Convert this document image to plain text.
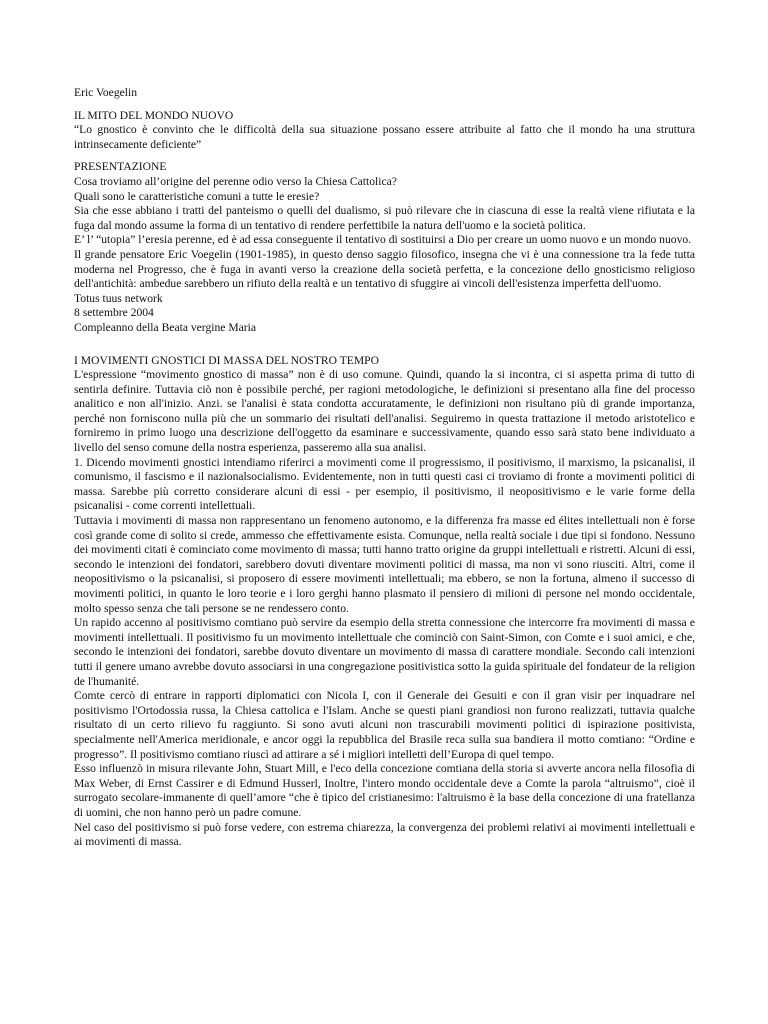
Eric Voegelin

IL MITO DEL MONDO NUOVO

“Lo gnostico è convinto che le difficoltà della sua situazione possano essere attribuite al fatto che il mondo ha una struttura intrinsecamente deficiente”

PRESENTAZIONE

Cosa troviamo all’origine del perenne odio verso la Chiesa Cattolica?

Quali sono le caratteristiche comuni a tutte le eresie?

Sia che esse abbiano i tratti del panteismo o quelli del dualismo, si può rilevare che in ciascuna di esse la realtà viene rifiutata e la fuga dal mondo assume la forma di un tentativo di rendere perfettibile la natura dell'uomo e la società politica.

E’ l’ “utopia” l’eresia perenne, ed è ad essa conseguente il tentativo di sostituirsi a Dio per creare un uomo nuovo e un mondo nuovo.

Il grande pensatore Eric Voegelin (1901-1985), in questo denso saggio filosofico, insegna che vi è una connessione tra la fede tutta moderna nel Progresso, che è fuga in avanti verso la creazione della società perfetta, e la concezione dello gnosticismo religioso dell'antichità: ambedue sarebbero un rifiuto della realtà e un tentativo di sfuggire ai vincoli dell'esistenza imperfetta dell'uomo.

Totus tuus network

8 settembre 2004

Compleanno della Beata vergine Maria

I MOVIMENTI GNOSTICI DI MASSA DEL NOSTRO TEMPO

L'espressione “movimento gnostico di massa” non è di uso comune. Quindi, quando la si incontra, ci si aspetta prima di tutto di sentirla definire. Tuttavia ciò non è possibile perché, per ragioni metodologiche, le definizioni si presentano alla fine del processo analitico e non all'inizio. Anzi. se l'analisi è stata condotta accuratamente, le definizioni non risultano più di grande importanza, perché non forniscono nulla più che un sommario dei risultati dell'analisi. Seguiremo in questa trattazione il metodo aristotelico e forniremo in primo luogo una descrizione dell'oggetto da esaminare e successivamente, quando esso sarà stato bene individuato a livello del senso comune della nostra esperienza, passeremo alla sua analisi.

1. Dicendo movimenti gnostici intendiamo riferirci a movimenti come il progressismo, il positivismo, il marxismo, la psicanalisi, il comunismo, il fascismo e il nazionalsocialismo. Evidentemente, non in tutti questi casi ci troviamo di fronte a movimenti politici di massa. Sarebbe più corretto considerare alcuni di essi - per esempio, il positivismo, il neopositivismo e le varie forme della psicanalisi - come correnti intellettuali.

Tuttavia i movimenti di massa non rappresentano un fenomeno autonomo, e la differenza fra masse ed élites intellettuali non è forse così grande come di solito si crede, ammesso che effettivamente esista. Comunque, nella realtà sociale i due tipi si fondono. Nessuno dei movimenti citati è cominciato come movimento di massa; tutti hanno tratto origine da gruppi intellettuali e ristretti. Alcuni di essi, secondo le intenzioni dei fondatori, sarebbero dovuti diventare movimenti politici di massa, ma non vi sono riusciti. Altri, come il neopositivismo o la psicanalisi, si proposero di essere movimenti intellettuali; ma ebbero, se non la fortuna, almeno il successo di movimenti politici, in quanto le loro teorie e i loro gerghi hanno plasmato il pensiero di milioni di persone nel mondo occidentale, molto spesso senza che tali persone se ne rendessero conto.

Un rapido accenno al positivismo comtiano può servire da esempio della stretta connessione che intercorre fra movimenti di massa e movimenti intellettuali. Il positivismo fu un movimento intellettuale che cominciò con Saint-Simon, con Comte e i suoi amici, e che, secondo le intenzioni dei fondatori, sarebbe dovuto diventare un movimento di massa di carattere mondiale. Secondo cali intenzioni tutti il genere umano avrebbe dovuto associarsi in una congregazione positivistica sotto la guida spirituale del fondateur de la religion de l'humanité.

Comte cercò di entrare in rapporti diplomatici con Nicola I, con il Generale dei Gesuiti e con il gran visir per inquadrare nel positivismo l'Ortodossia russa, la Chiesa cattolica e l'Islam. Anche se questi piani grandiosi non furono realizzati, tuttavia qualche risultato di un certo rilievo fu raggiunto. Si sono avuti alcuni non trascurabili movimenti politici di ispirazione positivista, specialmente nell'America meridionale, e ancor oggi la repubblica del Brasile reca sulla sua bandiera il motto comtiano: “Ordine e progresso”. Il positivismo comtiano riuscì ad attirare a sé i migliori intelletti dell’Europa di quel tempo.

Esso influenzò in misura rilevante John, Stuart Mill, e l'eco della concezione comtiana della storia si avverte ancora nella filosofia di Max Weber, di Ernst Cassirer e di Edmund Husserl, Inoltre, l'intero mondo occidentale deve a Comte la parola “altruismo”, cioè il surrogato secolare-immanente di quell’amore “che è tipico del cristianesimo: l'altruismo è la base della concezione di una fratellanza di uomini, che non hanno però un padre comune.

Nel caso del positivismo si può forse vedere, con estrema chiarezza, la convergenza dei problemi relativi ai movimenti intellettuali e ai movimenti di massa.
